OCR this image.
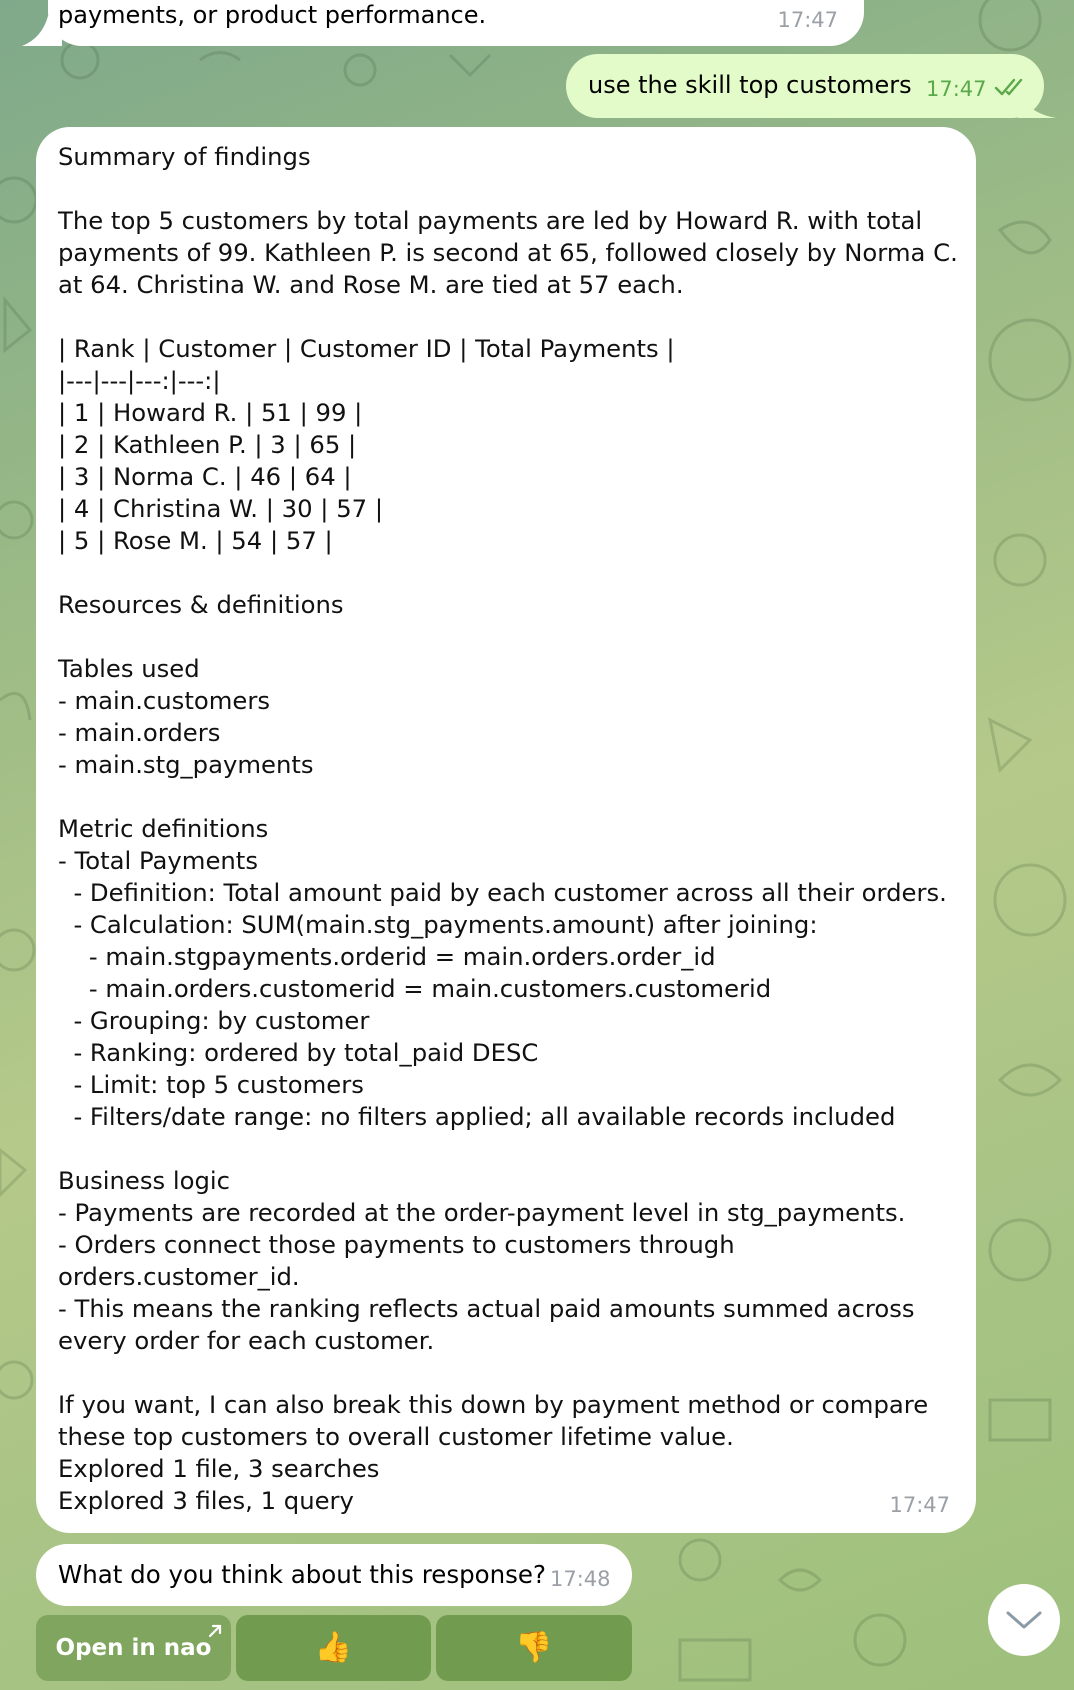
payments, or product performance.	17:47
use the skill top customers 17:47
Summary of findings
The top 5 customers by total payments are led by Howard R. with total
payments of 99. Kathleen P. is second at 65, followed closely by Norma C.
at 64. Christina W. and Rose M. are tied at 57 each.
| Rank | Customer | Customer ID | Total Payments |
|---|---|---:|---:|
| 1 | Howard R. | 51 | 99 |
| 2 | Kathleen P. | 3 | 65 |
| 3 | Norma C. | 46 | 64 |
| 4 | Christina W. | 30 | 57 |
| 5 | Rose M. | 54 | 57 |
Resources & definitions
Tables used
- main.customers
- main.orders
- main.stg_payments
Metric definitions
- Total Payments
- Definition: Total amount paid by each customer across all their orders.
- Calculation: SUM(main.stg_payments.amount) after joining:
- main.stgpayments.orderid = main.orders.order_id
- main.orders.customerid = main.customers.customerid
- Grouping: by customer
- Ranking: ordered by total_paid DESC
- Limit: top 5 customers
- Filters/date range: no filters applied; all available records included
Business logic
- Payments are recorded at the order-payment level in stg_payments.
- Orders connect those payments to customers through
orders.customer_id.
- This means the ranking reflects actual paid amounts summed across
every order for each customer.
If you want, I can also break this down by payment method or compare
these top customers to overall customer lifetime value.
Explored 1 file, 3 searches
Explored 3 files, 1 query	17:47
What do you think about this response? 17:48
Open in nao	👍	👎
